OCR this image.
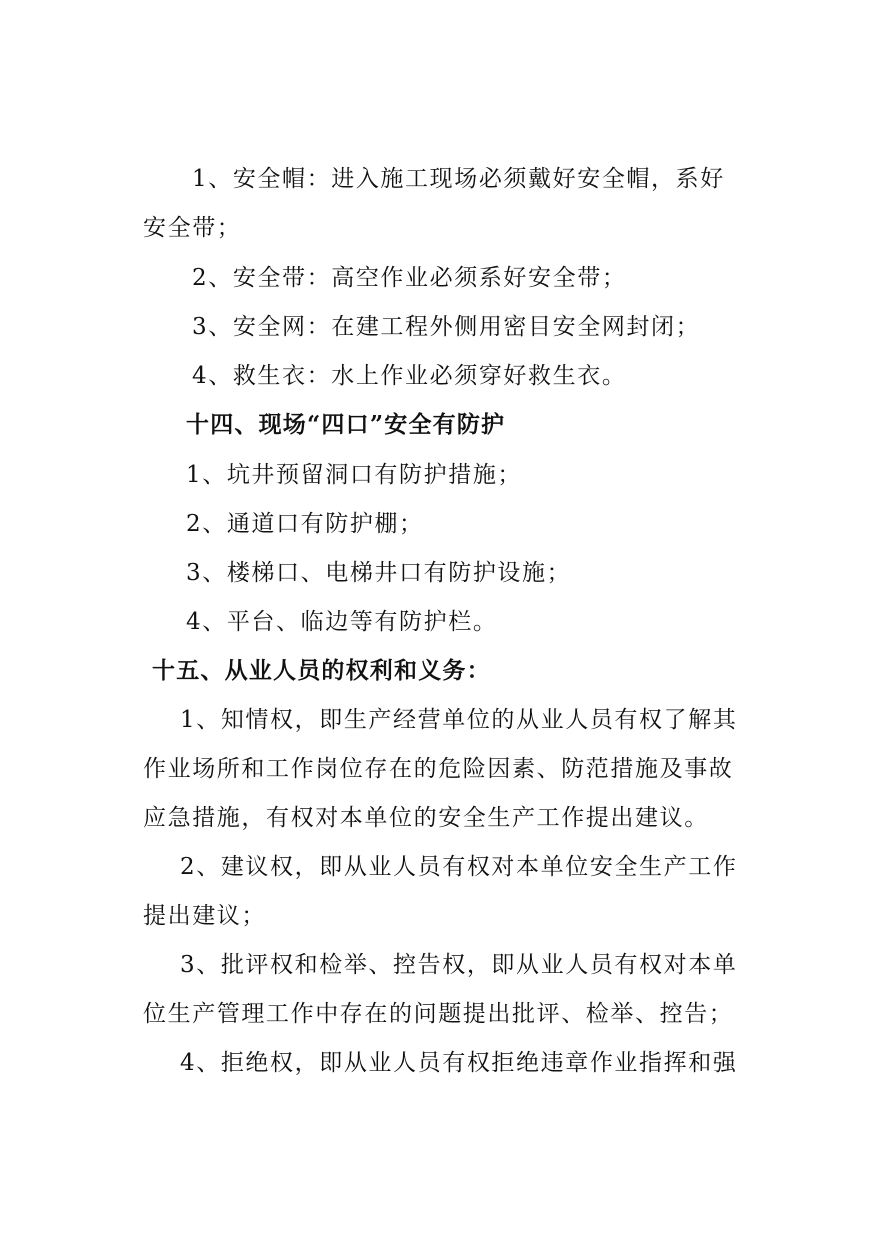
1、安全帽：进入施工现场必须戴好安全帽，系好
安全带；
2、安全带：高空作业必须系好安全带；
3、安全网：在建工程外侧用密目安全网封闭；
4、救生衣：水上作业必须穿好救生衣。
十四、现场“四口”安全有防护
1、坑井预留洞口有防护措施；
2、通道口有防护棚；
3、楼梯口、电梯井口有防护设施；
4、平台、临边等有防护栏。
十五、从业人员的权利和义务：
1、知情权，即生产经营单位的从业人员有权了解其
作业场所和工作岗位存在的危险因素、防范措施及事故
应急措施，有权对本单位的安全生产工作提出建议。
2、建议权，即从业人员有权对本单位安全生产工作
提出建议；
3、批评权和检举、控告权，即从业人员有权对本单
位生产管理工作中存在的问题提出批评、检举、控告；
4、拒绝权，即从业人员有权拒绝违章作业指挥和强
